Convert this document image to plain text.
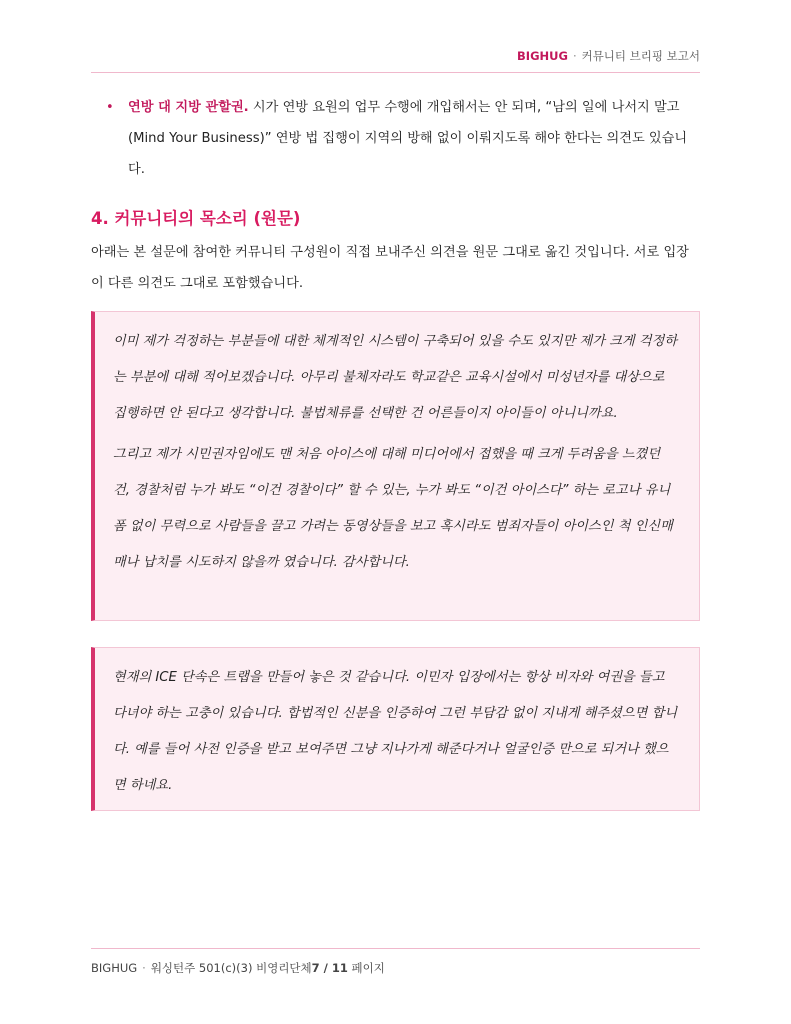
BIGHUG · 커뮤니티 브리핑 보고서
• 연방 대 지방 관할권. 시가 연방 요원의 업무 수행에 개입해서는 안 되며, “남의 일에 나서지 말고(Mind Your Business)” 연방 법 집행이 지역의 방해 없이 이뤄지도록 해야 한다는 의견도 있습니다.
4. 커뮤니티의 목소리 (원문)
아래는 본 설문에 참여한 커뮤니티 구성원이 직접 보내주신 의견을 원문 그대로 옮긴 것입니다. 서로 입장이 다른 의견도 그대로 포함했습니다.

이미 제가 걱정하는 부분들에 대한 체계적인 시스템이 구축되어 있을 수도 있지만 제가 크게 걱정하는 부분에 대해 적어보겠습니다. 아무리 불체자라도 학교같은 교육시설에서 미성년자를 대상으로 집행하면 안 된다고 생각합니다. 불법체류를 선택한 건 어른들이지 아이들이 아니니까요.

그리고 제가 시민권자임에도 맨 처음 아이스에 대해 미디어에서 접했을 때 크게 두려움을 느꼈던 건, 경찰처럼 누가 봐도 “이건 경찰이다” 할 수 있는, 누가 봐도 “이건 아이스다” 하는 로고나 유니폼 없이 무력으로 사람들을 끌고 가려는 동영상들을 보고 혹시라도 범죄자들이 아이스인 척 인신매매나 납치를 시도하지 않을까 였습니다. 감사합니다.

현재의 ICE 단속은 트랩을 만들어 놓은 것 같습니다. 이민자 입장에서는 항상 비자와 여권을 들고 다녀야 하는 고충이 있습니다. 합법적인 신분을 인증하여 그런 부담감 없이 지내게 해주셨으면 합니다. 예를 들어 사전 인증을 받고 보여주면 그냥 지나가게 해준다거나 얼굴인증 만으로 되거나 했으면 하네요.

BIGHUG · 워싱턴주 501(c)(3) 비영리단체7 / 11 페이지
